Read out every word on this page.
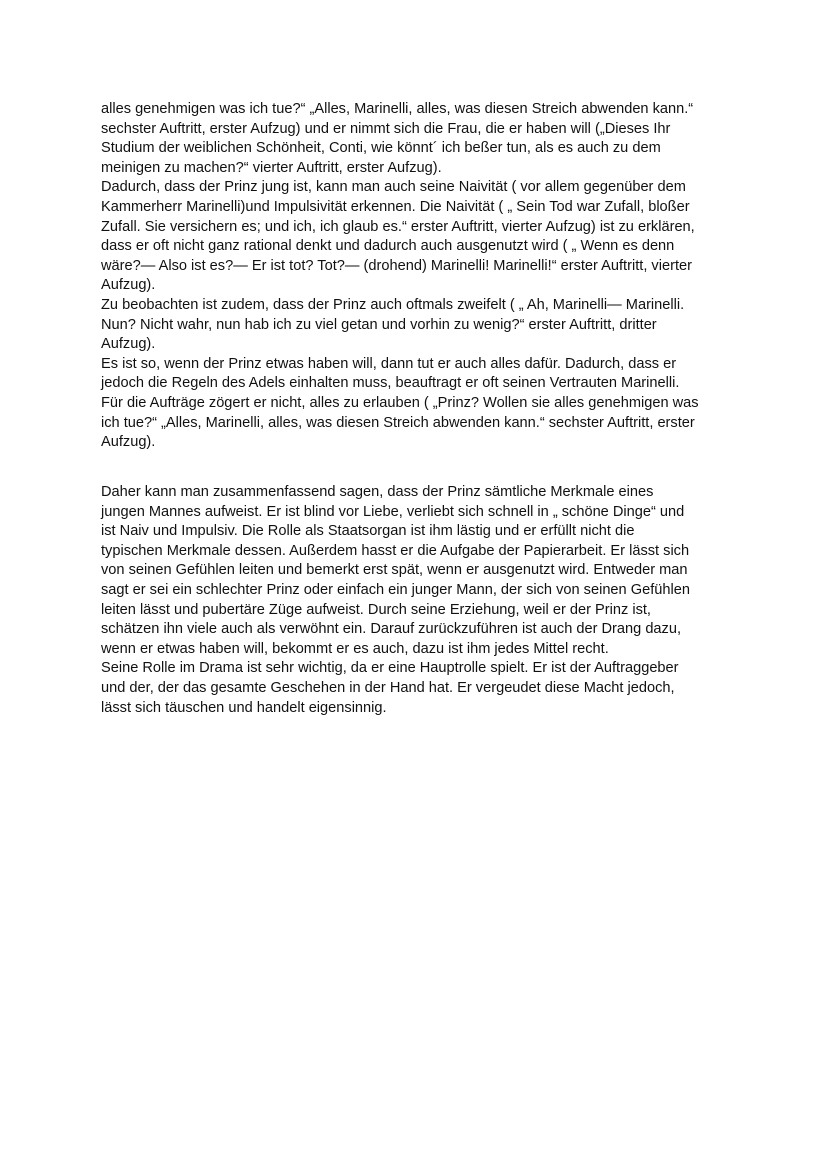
alles genehmigen was ich tue?“ „Alles, Marinelli, alles, was diesen Streich abwenden kann.“
sechster Auftritt, erster Aufzug) und er nimmt sich die Frau, die er haben will („Dieses Ihr
Studium der weiblichen Schönheit, Conti, wie könnt´ ich beßer tun, als es auch zu dem
meinigen zu machen?“ vierter Auftritt, erster Aufzug).
Dadurch, dass der Prinz jung ist, kann man auch seine Naivität ( vor allem gegenüber dem
Kammerherr Marinelli)und Impulsivität erkennen. Die Naivität ( „ Sein Tod war Zufall, bloßer
Zufall. Sie versichern es; und ich, ich glaub es.“ erster Auftritt, vierter Aufzug) ist zu erklären,
dass er oft nicht ganz rational denkt und dadurch auch ausgenutzt wird ( „ Wenn es denn
wäre?— Also ist es?— Er ist tot? Tot?— (drohend) Marinelli! Marinelli!“ erster Auftritt, vierter
Aufzug).
Zu beobachten ist zudem, dass der Prinz auch oftmals zweifelt ( „ Ah, Marinelli— Marinelli.
Nun? Nicht wahr, nun hab ich zu viel getan und vorhin zu wenig?“ erster Auftritt, dritter
Aufzug).
Es ist so, wenn der Prinz etwas haben will, dann tut er auch alles dafür. Dadurch, dass er
jedoch die Regeln des Adels einhalten muss, beauftragt er oft seinen Vertrauten Marinelli.
Für die Aufträge zögert er nicht, alles zu erlauben ( „Prinz? Wollen sie alles genehmigen was
ich tue?“ „Alles, Marinelli, alles, was diesen Streich abwenden kann.“ sechster Auftritt, erster
Aufzug).
Daher kann man zusammenfassend sagen, dass der Prinz sämtliche Merkmale eines
jungen Mannes aufweist. Er ist blind vor Liebe, verliebt sich schnell in „ schöne Dinge“ und
ist Naiv und Impulsiv. Die Rolle als Staatsorgan ist ihm lästig und er erfüllt nicht die
typischen Merkmale dessen. Außerdem hasst er die Aufgabe der Papierarbeit. Er lässt sich
von seinen Gefühlen leiten und bemerkt erst spät, wenn er ausgenutzt wird. Entweder man
sagt er sei ein schlechter Prinz oder einfach ein junger Mann, der sich von seinen Gefühlen
leiten lässt und pubertäre Züge aufweist. Durch seine Erziehung, weil er der Prinz ist,
schätzen ihn viele auch als verwöhnt ein. Darauf zurückzuführen ist auch der Drang dazu,
wenn er etwas haben will, bekommt er es auch, dazu ist ihm jedes Mittel recht.
Seine Rolle im Drama ist sehr wichtig, da er eine Hauptrolle spielt. Er ist der Auftraggeber
und der, der das gesamte Geschehen in der Hand hat. Er vergeudet diese Macht jedoch,
lässt sich täuschen und handelt eigensinnig.
